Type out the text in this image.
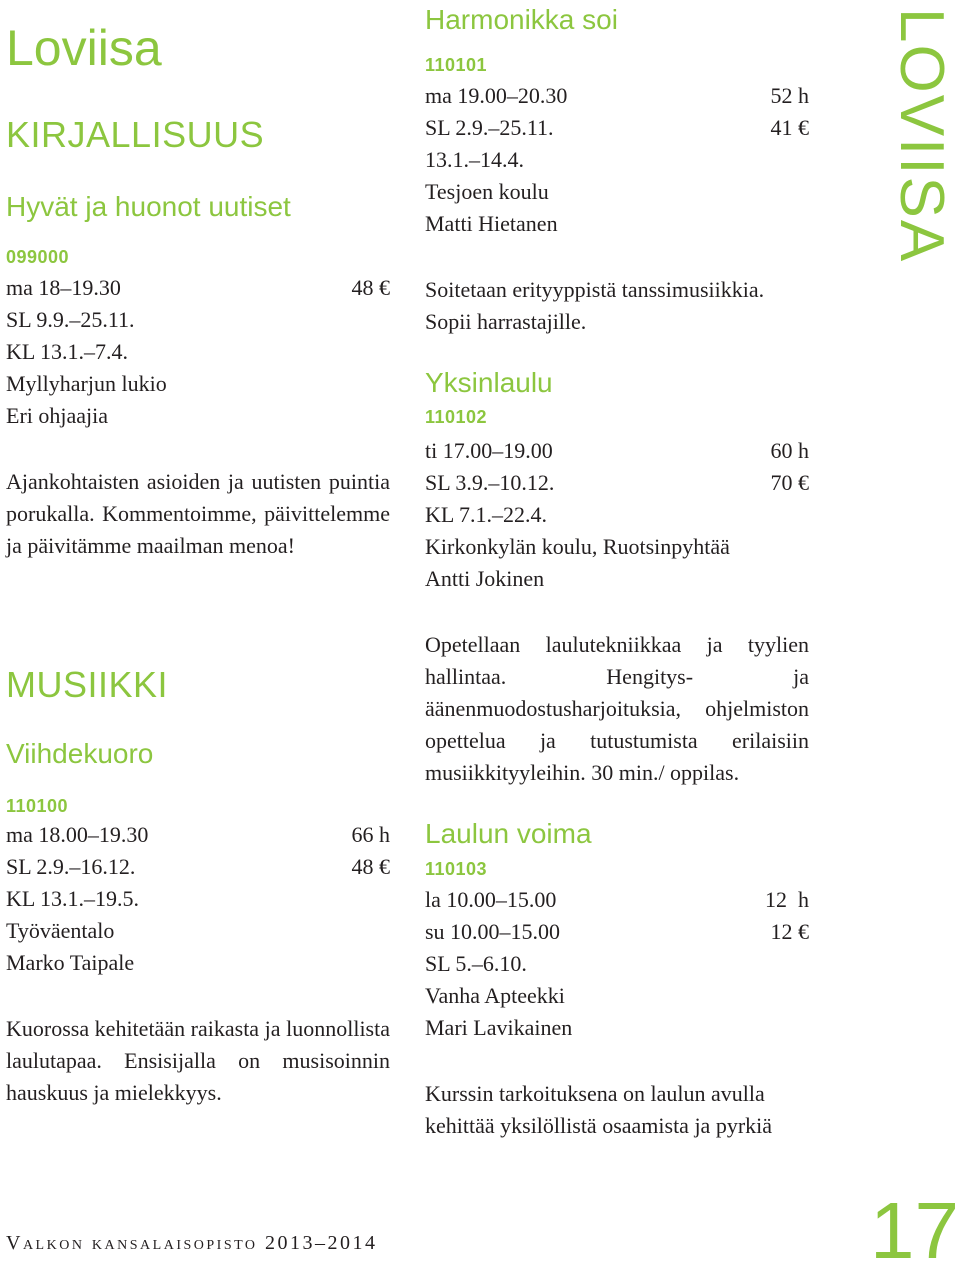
Loviisa
KIRJALLISUUS
Hyvät ja huonot uutiset
099000
ma 18–19.30	48 €
SL 9.9.–25.11.
KL 13.1.–7.4.
Myllyharjun lukio
Eri ohjaajia
Ajankohtaisten asioiden ja uutisten puintia porukalla. Kommentoimme, päivittelemme ja päivitämme maailman menoa!
MUSIIKKI
Viihdekuoro
110100
ma 18.00–19.30	66 h
SL 2.9.–16.12.	48 €
KL 13.1.–19.5.
Työväentalo
Marko Taipale
Kuorossa kehitetään raikasta ja luonnollista laulutapaa. Ensisijalla on musisoinnin hauskuus ja mielekkyys.
Harmonikka soi
110101
ma 19.00–20.30	52 h
SL 2.9.–25.11.	41 €
13.1.–14.4.
Tesjoen koulu
Matti Hietanen
Soitetaan erityyppistä tanssimusiikkia. Sopii harrastajille.
Yksinlaulu
110102
ti 17.00–19.00	60 h
SL 3.9.–10.12.	70 €
KL 7.1.–22.4.
Kirkonkylän koulu, Ruotsinpyhtää
Antti Jokinen
Opetellaan laulutekniikkaa ja tyylien hallintaa. Hengitys- ja äänenmuodostusharjoituksia, ohjelmiston opettelua ja tutustumista erilaisiin musiikkityyleihin. 30 min./ oppilas.
Laulun voima
110103
la 10.00–15.00	12  h
su 10.00–15.00	12 €
SL 5.–6.10.
Vanha Apteekki
Mari Lavikainen
Kurssin tarkoituksena on laulun avulla kehittää yksilöllistä osaamista ja pyrkiä
LOVIISA
Valkon kansalaisopisto 2013–2014	17
